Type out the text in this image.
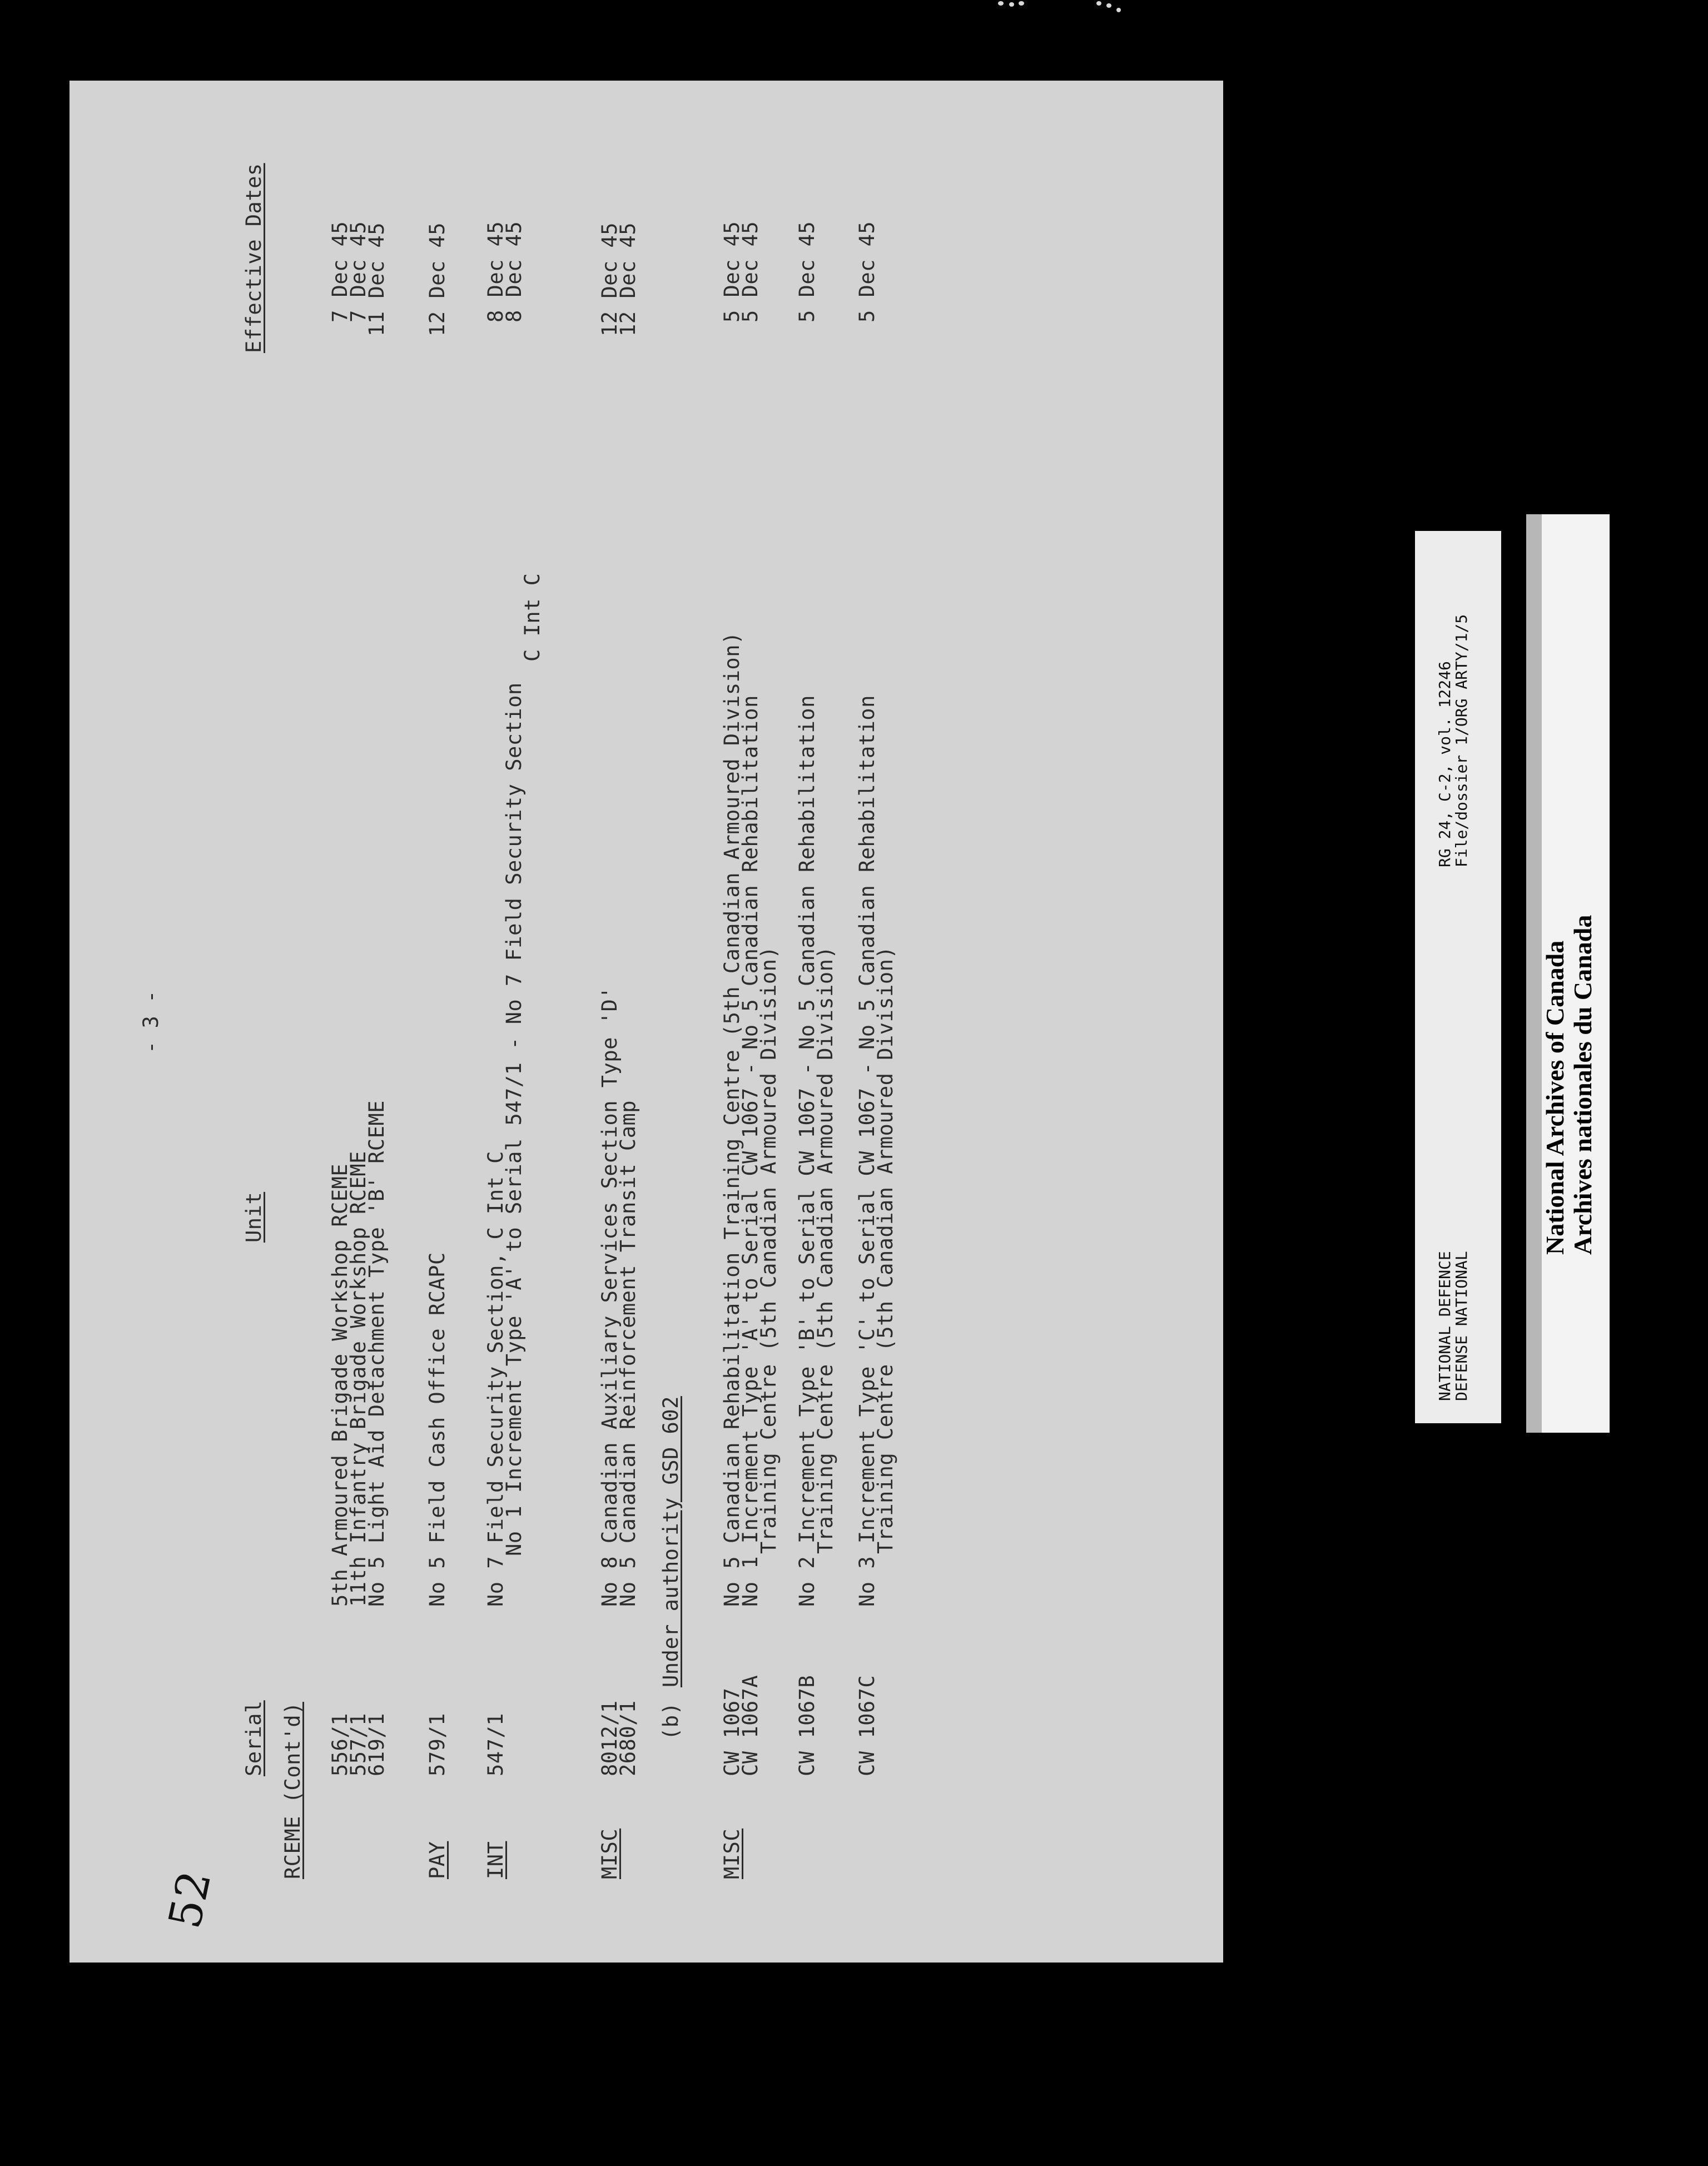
52
- 3 -
Serial
Unit
Effective Dates
RCEME (Cont'd) 556/1
5th Armoured Brigade Workshop RCEME
7 Dec 45
557/1
11th Infantry Brigade Workshop RCEME
7 Dec 45
619/1
No 5 Light Aid Detachment Type 'B' RCEME
11 Dec 45
PAY
579/1
No 5 Field Cash Office RCAPC
12 Dec 45
INT
547/1
No 7 Field Security Section, C Int C
8 Dec 45
No 1 Increment Type 'A' to Serial 547/1 - No 7 Field Security Section
8 Dec 45
C Int C
MISC
8012/1
No 8 Canadian Auxiliary Services Section Type 'D'
12 Dec 45
2680/1
No 5 Canadian Reinforcement Transit Camp
12 Dec 45
(b)
Under authority GSD 602
MISC
CW 1067
No 5 Canadian Rehabilitation Training Centre (5th Canadian Armoured Division)
5 Dec 45
CW 1067A
No 1 Increment Type 'A' to Serial CW 1067 - No 5 Canadian Rehabilitation
5 Dec 45
Training Centre (5th Canadian Armoured Division)
CW 1067B
No 2 Increment Type 'B' to Serial CW 1067 - No 5 Canadian Rehabilitation
5 Dec 45
Training Centre (5th Canadian Armoured Division)
CW 1067C
No 3 Increment Type 'C' to Serial CW 1067 - No 5 Canadian Rehabilitation
5 Dec 45
Training Centre (5th Canadian Armoured Division)

	NATIONAL DEFENCE

DEFENSE NATIONAL

RG 24, C-2, vol. 12246

File/dossier 1/ORG ARTY/1/5

National Archives of Canada

Archives nationales du Canada
